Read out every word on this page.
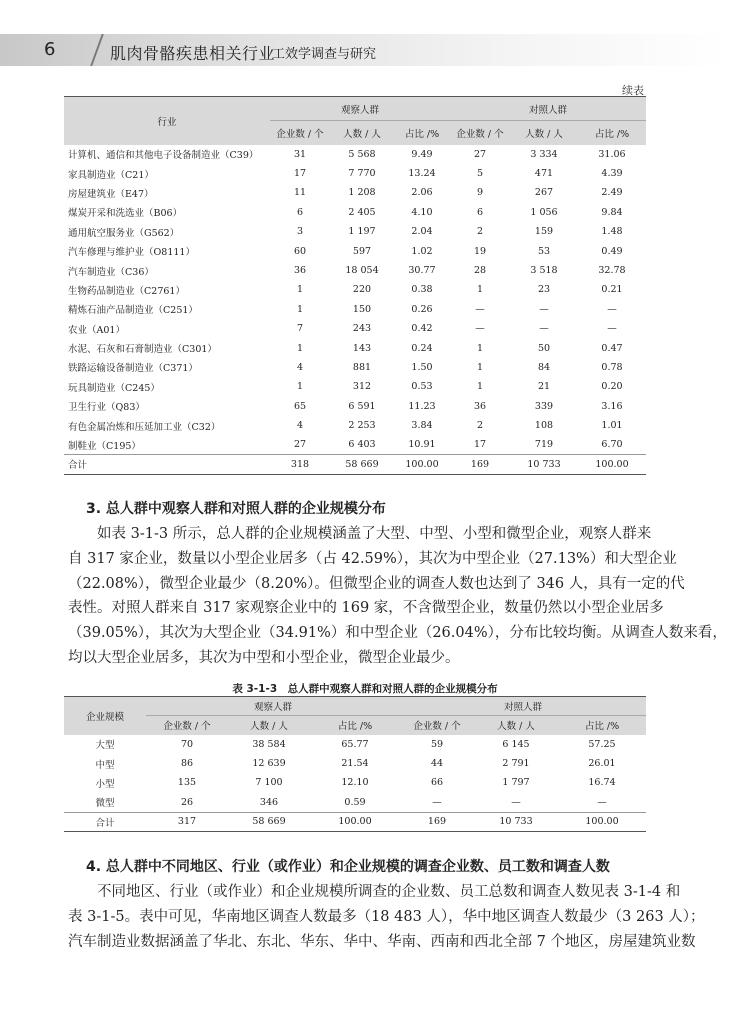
6	肌肉骨骼疾患相关行业
工效学调查与研究
续表
行业	观察人群			对照人群		
	企业数 / 个	人数 / 人	占比 /%	企业数 / 个	人数 / 人	占比 /%
计算机、通信和其他电子设备制造业（C39）	31	5 568	9.49	27	3 334	31.06
家具制造业（C21）	17	7 770	13.24	5	471	4.39
房屋建筑业（E47）	11	1 208	2.06	9	267	2.49
煤炭开采和洗选业（B06）	6	2 405	4.10	6	1 056	9.84
通用航空服务业（G562）	3	1 197	2.04	2	159	1.48
汽车修理与维护业（O8111）	60	597	1.02	19	53	0.49
汽车制造业（C36）	36	18 054	30.77	28	3 518	32.78
生物药品制造业（C2761）	1	220	0.38	1	23	0.21
精炼石油产品制造业（C251）	1	150	0.26	—	—	—
农业（A01）	7	243	0.42	—	—	—
水泥、石灰和石膏制造业（C301）	1	143	0.24	1	50	0.47
铁路运输设备制造业（C371）	4	881	1.50	1	84	0.78
玩具制造业（C245）	1	312	0.53	1	21	0.20
卫生行业（Q83）	65	6 591	11.23	36	339	3.16
有色金属冶炼和压延加工业（C32）	4	2 253	3.84	2	108	1.01
制鞋业（C195）	27	6 403	10.91	17	719	6.70
合计	318	58 669	100.00	169	10 733	100.00
3. 总人群中观察人群和对照人群的企业规模分布
如表 3-1-3 所示，总人群的企业规模涵盖了大型、中型、小型和微型企业，观察人群来
自 317 家企业，数量以小型企业居多（占 42.59%），其次为中型企业（27.13%）和大型企业
（22.08%），微型企业最少（8.20%）。但微型企业的调查人数也达到了 346 人，具有一定的代
表性。对照人群来自 317 家观察企业中的 169 家，不含微型企业，数量仍然以小型企业居多
（39.05%），其次为大型企业（34.91%）和中型企业（26.04%），分布比较均衡。从调查人数来看，
均以大型企业居多，其次为中型和小型企业，微型企业最少。
表 3-1-3　总人群中观察人群和对照人群的企业规模分布
企业规模	观察人群			对照人群		
	企业数 / 个	人数 / 人	占比 /%	企业数 / 个	人数 / 人	占比 /%
大型	70	38 584	65.77	59	6 145	57.25
中型	86	12 639	21.54	44	2 791	26.01
小型	135	7 100	12.10	66	1 797	16.74
微型	26	346	0.59	—	—	—
合计	317	58 669	100.00	169	10 733	100.00
4. 总人群中不同地区、行业（或作业）和企业规模的调查企业数、员工数和调查人数
不同地区、行业（或作业）和企业规模所调查的企业数、员工总数和调查人数见表 3-1-4 和
表 3-1-5。表中可见，华南地区调查人数最多（18 483 人），华中地区调查人数最少（3 263 人）；
汽车制造业数据涵盖了华北、东北、华东、华中、华南、西南和西北全部 7 个地区，房屋建筑业数
